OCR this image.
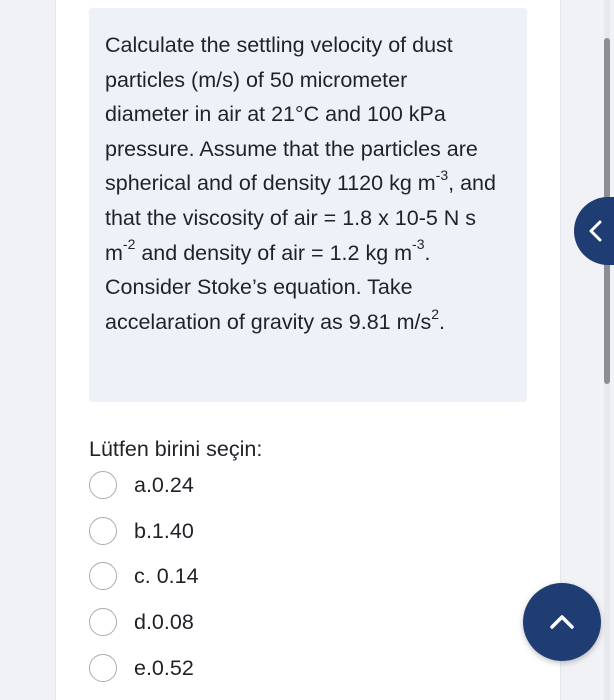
Calculate the settling velocity of dust
particles (m/s) of 50 micrometer
diameter in air at 21°C and 100 kPa
pressure. Assume that the particles are
spherical and of density 1120 kg $m^{-3}$, and
that the viscosity of air = 1.8 x 10-5 N s
$m^{-2}$ and density of air = 1.2 kg $m^{-3}$.
Consider Stoke’s equation. Take
accelaration of gravity as 9.81 $m/s^2$.
Lütfen birini seçin:
a.0.24
b.1.40
c. 0.14
d.0.08
e.0.52
